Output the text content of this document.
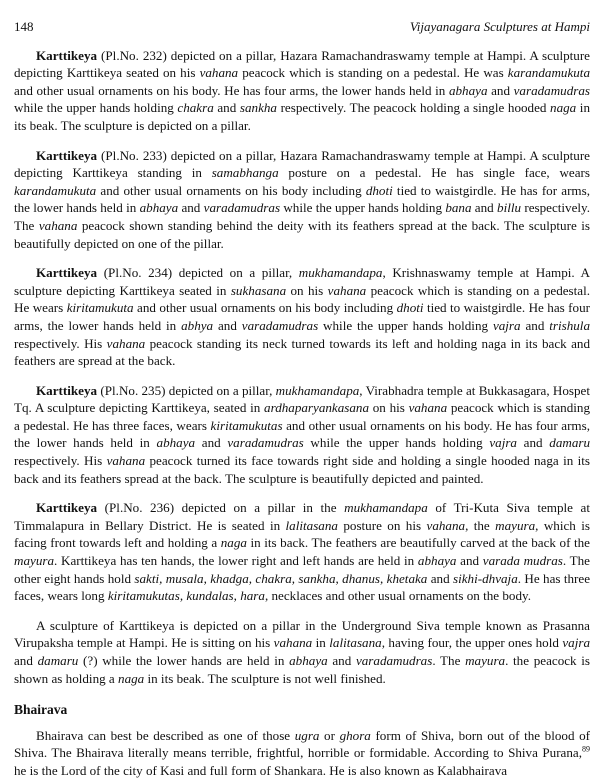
148	Vijayanagara Sculptures at Hampi

Karttikeya (Pl.No. 232) depicted on a pillar, Hazara Ramachandraswamy temple at Hampi. A sculpture depicting Karttikeya seated on his vahana peacock which is standing on a pedestal. He was karandamukuta and other usual ornaments on his body. He has four arms, the lower hands held in abhaya and varadamudras while the upper hands holding chakra and sankha respectively. The peacock holding a single hooded naga in its beak. The sculpture is depicted on a pillar.

Karttikeya (Pl.No. 233) depicted on a pillar, Hazara Ramachandraswamy temple at Hampi. A sculpture depicting Karttikeya standing in samabhanga posture on a pedestal. He has single face, wears karandamukuta and other usual ornaments on his body including dhoti tied to waistgirdle. He has for arms, the lower hands held in abhaya and varadamudras while the upper hands holding bana and billu respectively. The vahana peacock shown standing behind the deity with its feathers spread at the back. The sculpture is beautifully depicted on one of the pillar.

Karttikeya (Pl.No. 234) depicted on a pillar, mukhamandapa, Krishnaswamy temple at Hampi. A sculpture depicting Karttikeya seated in sukhasana on his vahana peacock which is standing on a pedestal. He wears kiritamukuta and other usual ornaments on his body including dhoti tied to waistgirdle. He has four arms, the lower hands held in abhya and varadamudras while the upper hands holding vajra and trishula respectively. His vahana peacock standing its neck turned towards its left and holding naga in its back and feathers are spread at the back.

Karttikeya (Pl.No. 235) depicted on a pillar, mukhamandapa, Virabhadra temple at Bukkasagara, Hospet Tq. A sculpture depicting Karttikeya, seated in ardhaparyankasana on his vahana peacock which is standing a pedestal. He has three faces, wears kiritamukutas and other usual ornaments on his body. He has four arms, the lower hands held in abhaya and varadamudras while the upper hands holding vajra and damaru respectively. His vahana peacock turned its face towards right side and holding a single hooded naga in its back and its feathers spread at the back. The sculpture is beautifully depicted and painted.

Karttikeya (Pl.No. 236) depicted on a pillar in the mukhamandapa of Tri-Kuta Siva temple at Timmalapura in Bellary District. He is seated in lalitasana posture on his vahana, the mayura, which is facing front towards left and holding a naga in its back. The feathers are beautifully carved at the back of the mayura. Karttikeya has ten hands, the lower right and left hands are held in abhaya and varada mudras. The other eight hands hold sakti, musala, khadga, chakra, sankha, dhanus, khetaka and sikhi-dhvaja. He has three faces, wears long kiritamukutas, kundalas, hara, necklaces and other usual ornaments on the body.

A sculpture of Karttikeya is depicted on a pillar in the Underground Siva temple known as Prasanna Virupaksha temple at Hampi. He is sitting on his vahana in lalitasana, having four, the upper ones hold vajra and damaru (?) while the lower hands are held in abhaya and varadamudras. The mayura. the peacock is shown as holding a naga in its beak. The sculpture is not well finished.

Bhairava

Bhairava can best be described as one of those ugra or ghora form of Shiva, born out of the blood of Shiva. The Bhairava literally means terrible, frightful, horrible or formidable. According to Shiva Purana,$^{89}$ he is the Lord of the city of Kasi and full form of Shankara. He is also known as Kalabhairava
